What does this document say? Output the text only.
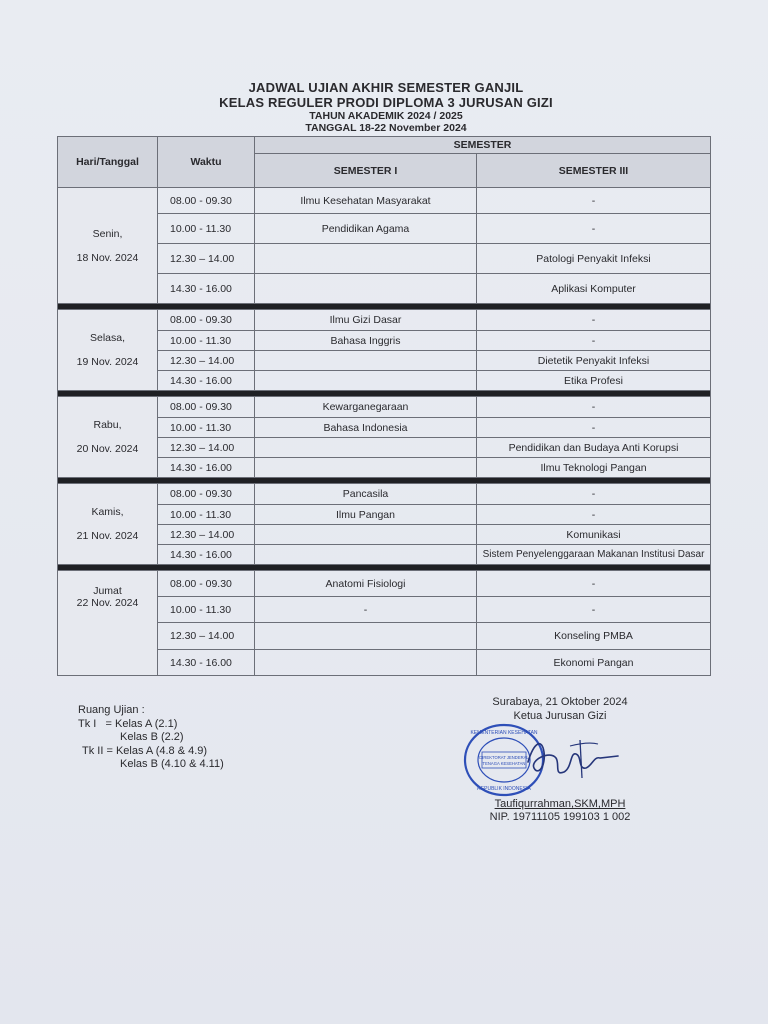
JADWAL UJIAN AKHIR SEMESTER GANJIL
KELAS REGULER PRODI DIPLOMA 3 JURUSAN GIZI
TAHUN AKADEMIK 2024 / 2025
TANGGAL 18-22 November 2024
Hari/Tanggal	Waktu	SEMESTER	
		SEMESTER I	SEMESTER III

Senin,

18 Nov. 2024	08.00 - 09.30	Ilmu Kesehatan Masyarakat	-
	10.00 - 11.30	Pendidikan Agama	-
	12.30 – 14.00		Patologi Penyakit Infeksi
	14.30 - 16.00		Aplikasi Komputer

Selasa,

19 Nov. 2024	08.00 - 09.30	Ilmu Gizi Dasar	-
	10.00 - 11.30	Bahasa Inggris	-
	12.30 – 14.00		Dietetik Penyakit Infeksi
	14.30 - 16.00		Etika Profesi

Rabu,

20 Nov. 2024	08.00 - 09.30	Kewarganegaraan	-
	10.00 - 11.30	Bahasa Indonesia	-
	12.30 – 14.00		Pendidikan dan Budaya Anti Korupsi
	14.30 - 16.00		Ilmu Teknologi Pangan

Kamis,

21 Nov. 2024	08.00 - 09.30	Pancasila	-
	10.00 - 11.30	Ilmu Pangan	-
	12.30 – 14.00		Komunikasi
	14.30 - 16.00		Sistem Penyelenggaraan Makanan Institusi Dasar

Jumat
22 Nov. 2024	08.00 - 09.30	Anatomi Fisiologi	-
	10.00 - 11.30	-	-
	12.30 – 14.00		Konseling PMBA
	14.30 - 16.00		Ekonomi Pangan
Ruang Ujian :
Tk I   = Kelas A (2.1)
Kelas B (2.2)
Tk II = Kelas A (4.8 & 4.9)
Kelas B (4.10 & 4.11)
Surabaya, 21 Oktober 2024
Ketua Jurusan Gizi
DIREKTORAT JENDERAL
TENAGA KESEHATAN
KEMENTERIAN KESEHATAN
REPUBLIK INDONESIA
Taufiqurrahman,SKM,MPH
NIP. 19711105 199103 1 002
